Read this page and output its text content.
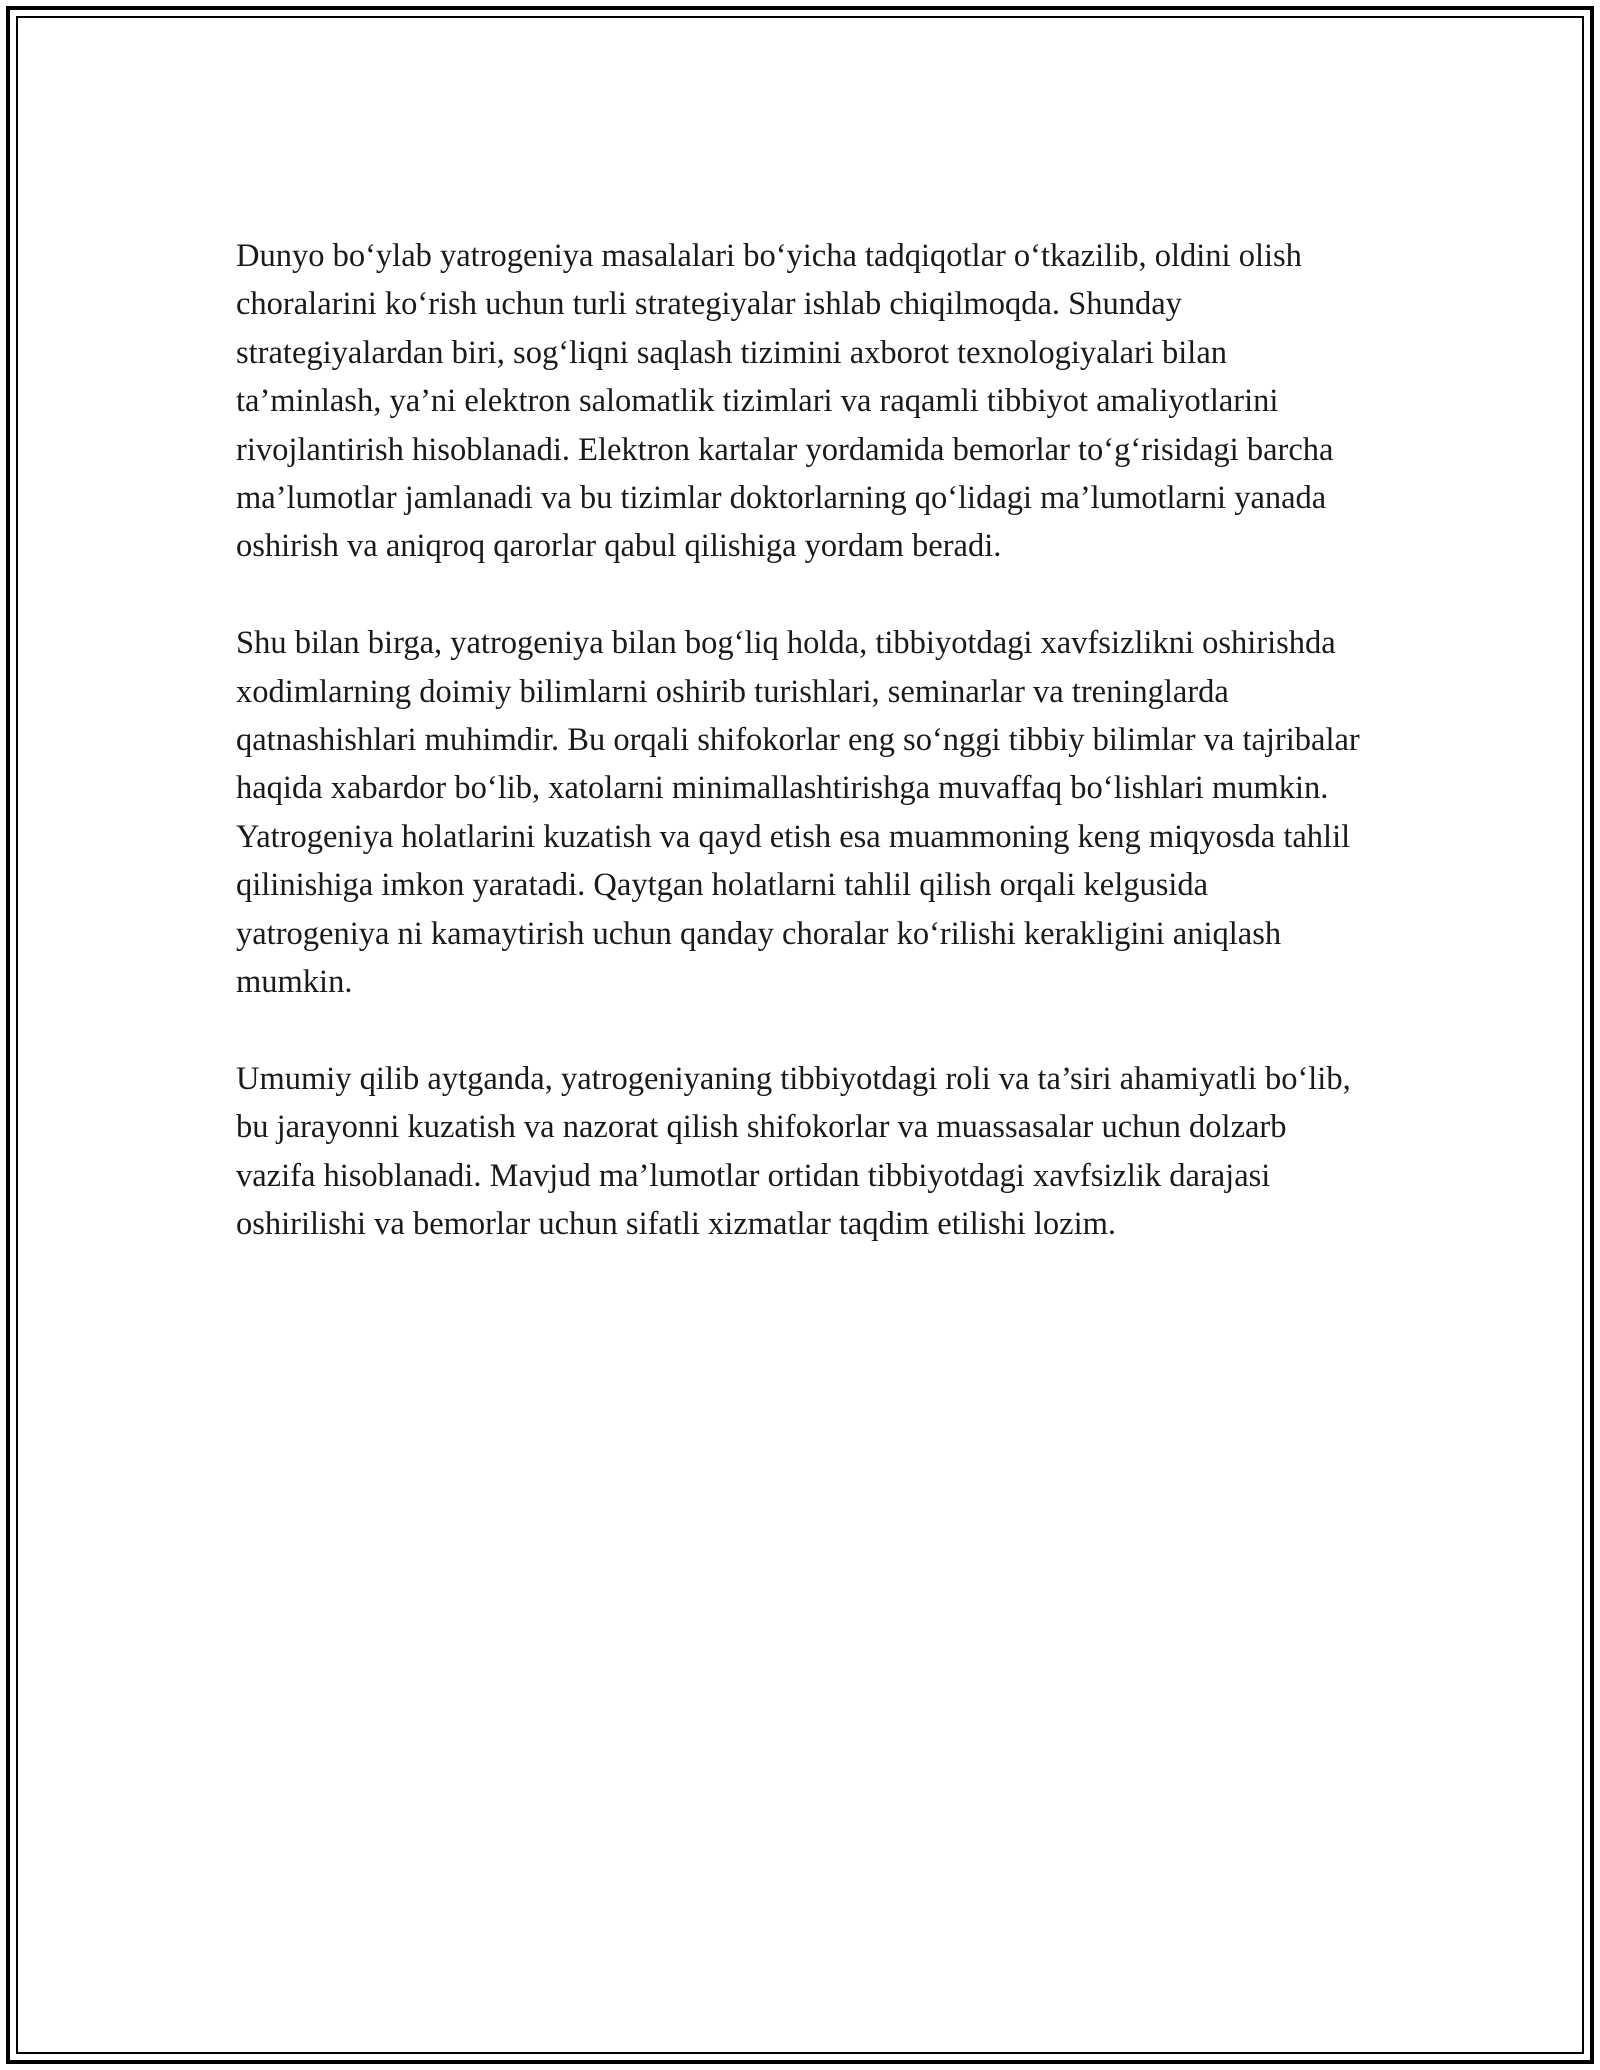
Dunyo bo‘ylab yatrogeniya masalalari bo‘yicha tadqiqotlar o‘tkazilib, oldini olish choralarini ko‘rish uchun turli strategiyalar ishlab chiqilmoqda. Shunday strategiyalardan biri, sog‘liqni saqlash tizimini axborot texnologiyalari bilan ta’minlash, ya’ni elektron salomatlik tizimlari va raqamli tibbiyot amaliyotlarini rivojlantirish hisoblanadi. Elektron kartalar yordamida bemorlar to‘g‘risidagi barcha ma’lumotlar jamlanadi va bu tizimlar doktorlarning qo‘lidagi ma’lumotlarni yanada oshirish va aniqroq qarorlar qabul qilishiga yordam beradi.

Shu bilan birga, yatrogeniya bilan bog‘liq holda, tibbiyotdagi xavfsizlikni oshirishda xodimlarning doimiy bilimlarni oshirib turishlari, seminarlar va treninglarda qatnashishlari muhimdir. Bu orqali shifokorlar eng so‘nggi tibbiy bilimlar va tajribalar haqida xabardor bo‘lib, xatolarni minimallashtirishga muvaffaq bo‘lishlari mumkin. Yatrogeniya holatlarini kuzatish va qayd etish esa muammoning keng miqyosda tahlil qilinishiga imkon yaratadi. Qaytgan holatlarni tahlil qilish orqali kelgusida yatrogeniya ni kamaytirish uchun qanday choralar ko‘rilishi kerakligini aniqlash mumkin.

Umumiy qilib aytganda, yatrogeniyaning tibbiyotdagi roli va ta’siri ahamiyatli bo‘lib, bu jarayonni kuzatish va nazorat qilish shifokorlar va muassasalar uchun dolzarb vazifa hisoblanadi. Mavjud ma’lumotlar ortidan tibbiyotdagi xavfsizlik darajasi oshirilishi va bemorlar uchun sifatli xizmatlar taqdim etilishi lozim.
